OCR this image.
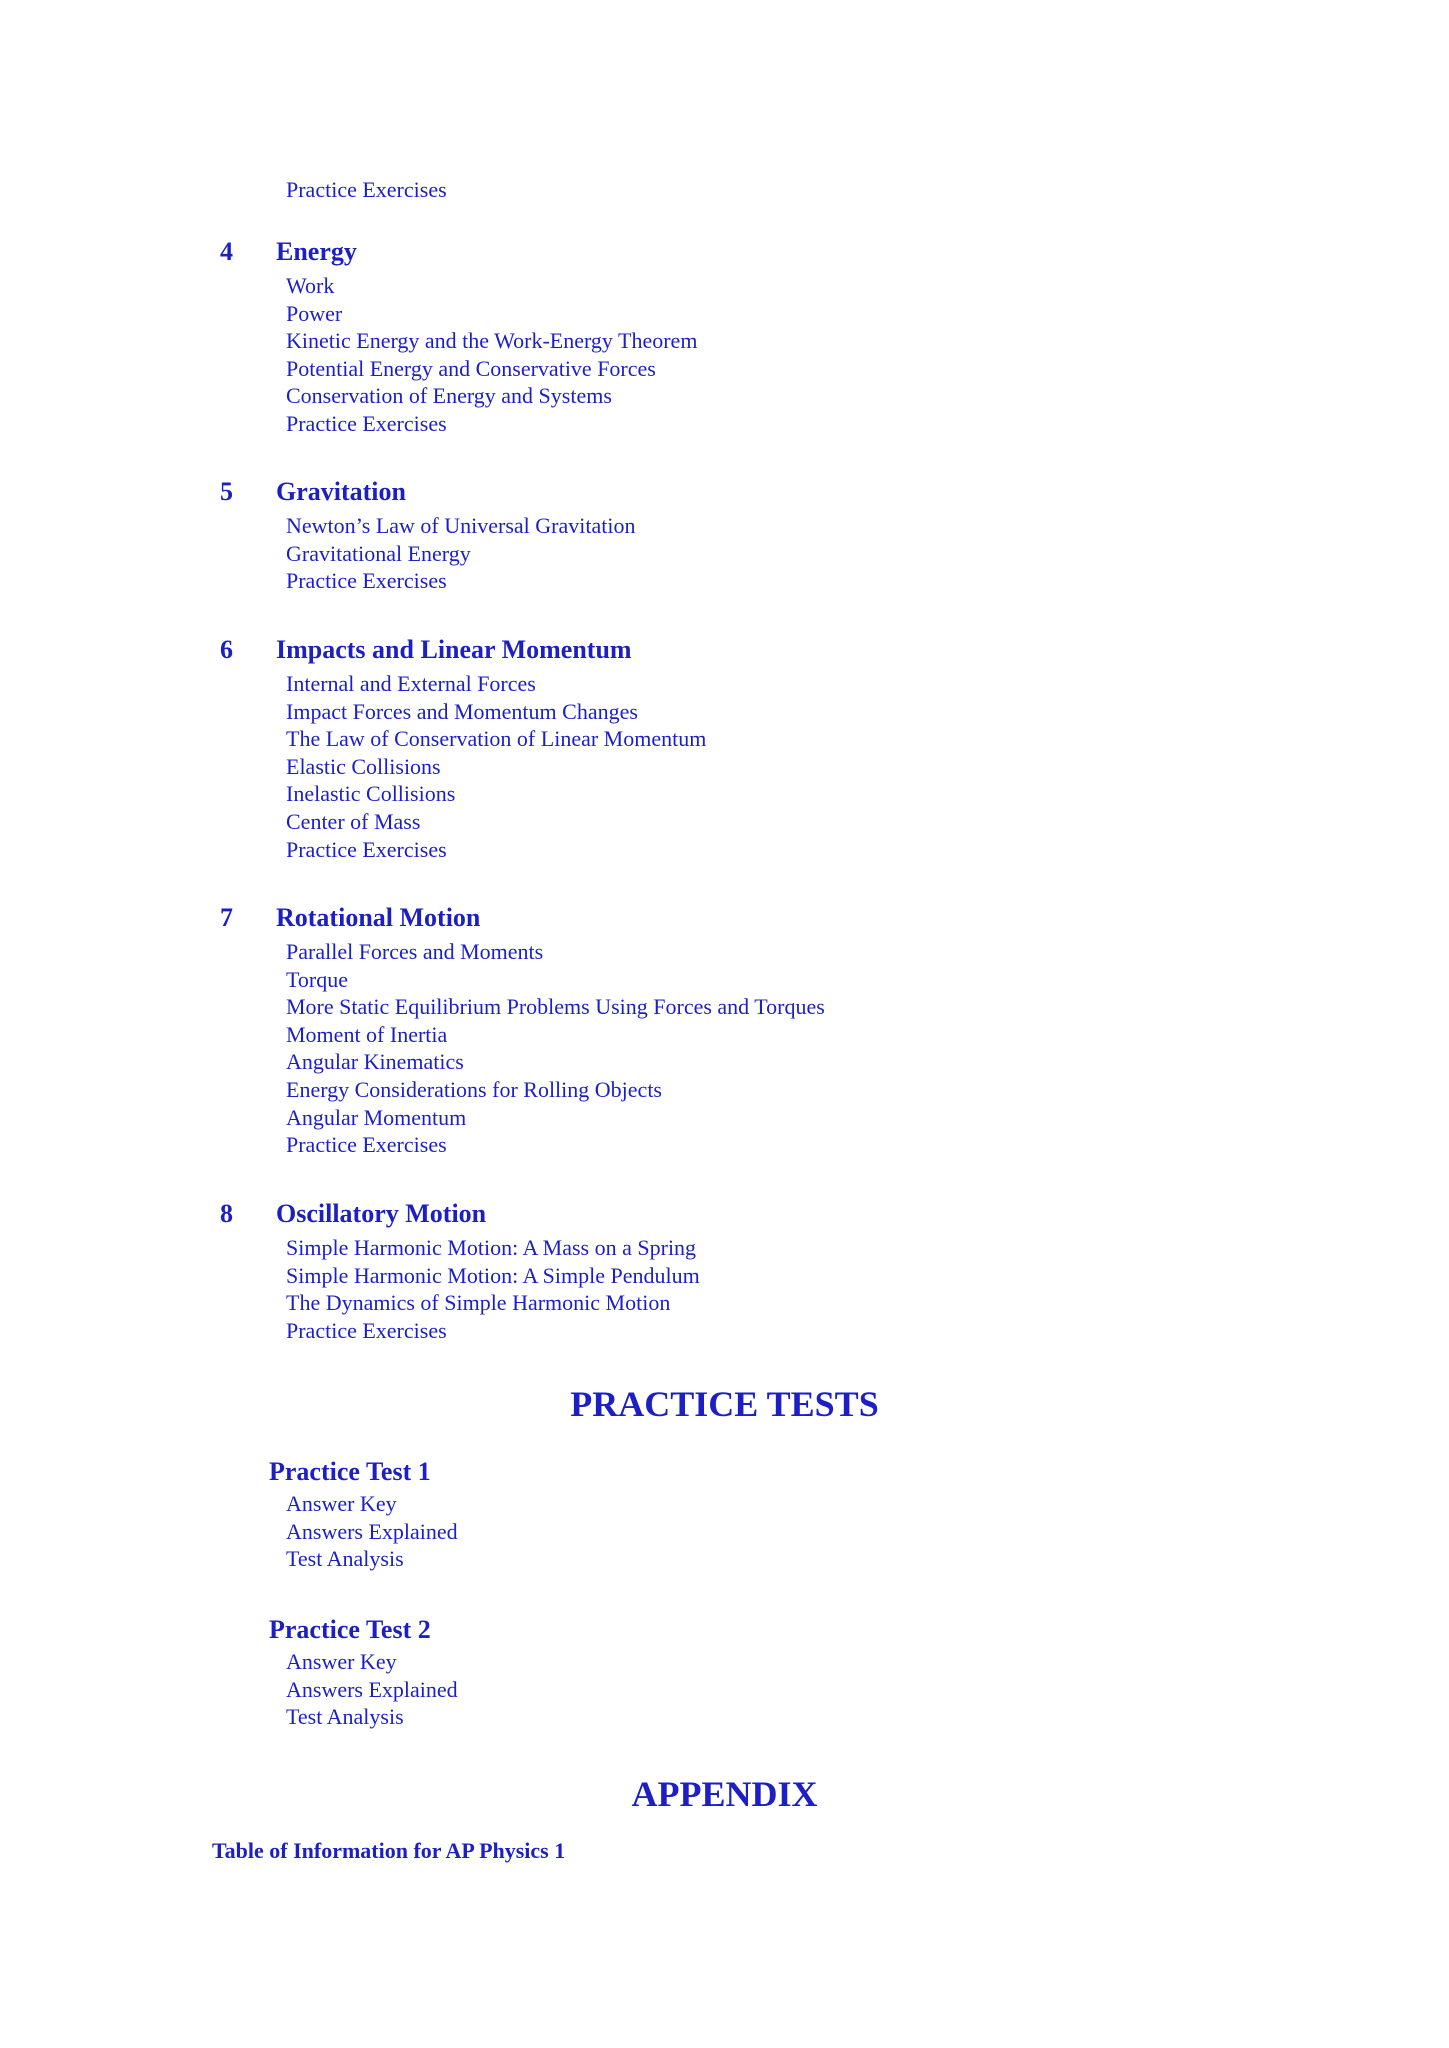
Practice Exercises
4 Energy
Work
Power
Kinetic Energy and the Work-Energy Theorem
Potential Energy and Conservative Forces
Conservation of Energy and Systems
Practice Exercises
5 Gravitation
Newton’s Law of Universal Gravitation
Gravitational Energy
Practice Exercises
6 Impacts and Linear Momentum
Internal and External Forces
Impact Forces and Momentum Changes
The Law of Conservation of Linear Momentum
Elastic Collisions
Inelastic Collisions
Center of Mass
Practice Exercises
7 Rotational Motion
Parallel Forces and Moments
Torque
More Static Equilibrium Problems Using Forces and Torques
Moment of Inertia
Angular Kinematics
Energy Considerations for Rolling Objects
Angular Momentum
Practice Exercises
8 Oscillatory Motion
Simple Harmonic Motion: A Mass on a Spring
Simple Harmonic Motion: A Simple Pendulum
The Dynamics of Simple Harmonic Motion
Practice Exercises
PRACTICE TESTS
Practice Test 1
Answer Key
Answers Explained
Test Analysis
Practice Test 2
Answer Key
Answers Explained
Test Analysis
APPENDIX
Table of Information for AP Physics 1
